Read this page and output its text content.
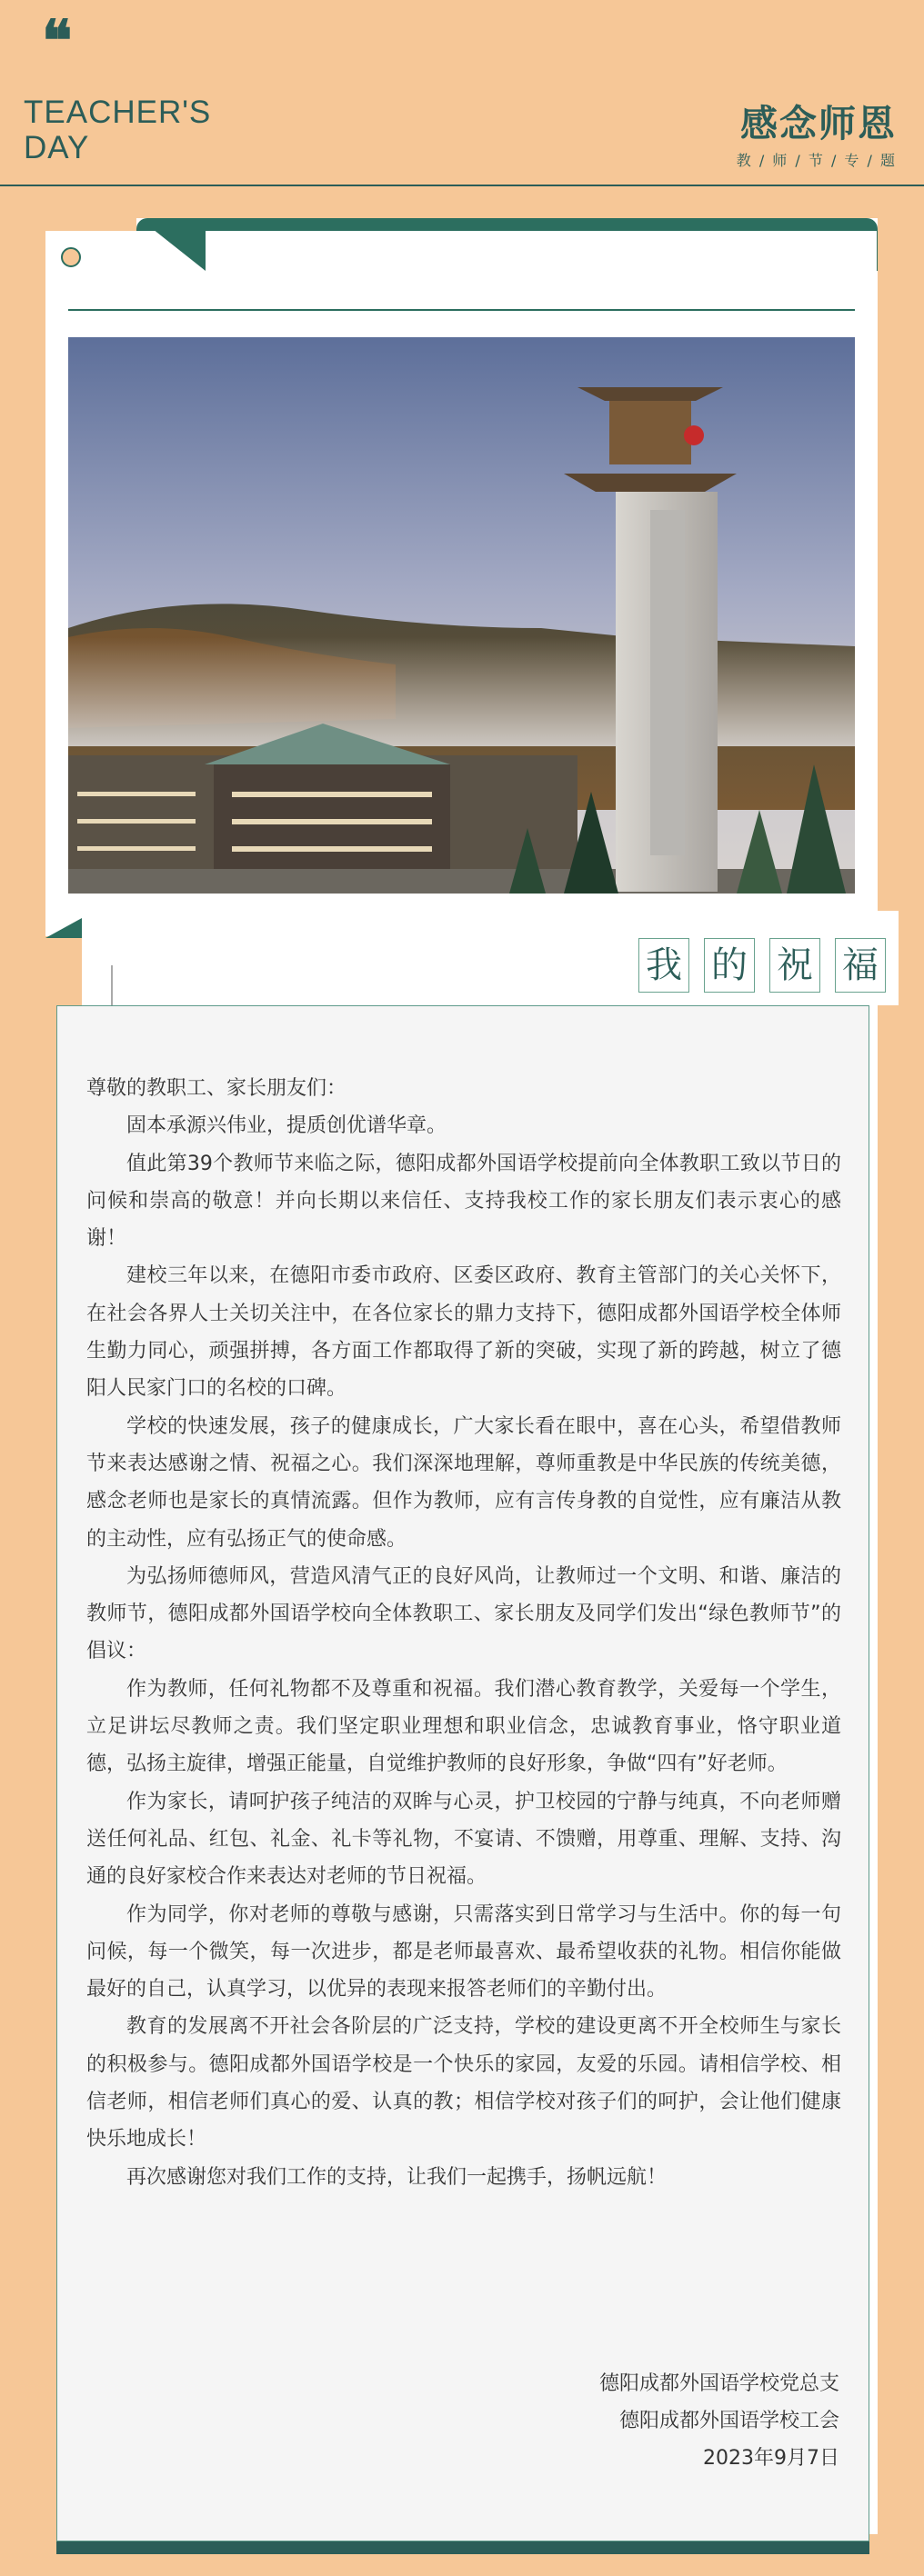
❝
TEACHER'S
DAY
感念师恩
教 / 师 / 节 / 专 / 题
我 的 祝 福

尊敬的教职工、家长朋友们：

固本承源兴伟业，提质创优谱华章。

值此第39个教师节来临之际，德阳成都外国语学校提前向全体教职工致以节日的问候和崇高的敬意！并向长期以来信任、支持我校工作的家长朋友们表示衷心的感谢！

建校三年以来，在德阳市委市政府、区委区政府、教育主管部门的关心关怀下，在社会各界人士关切关注中，在各位家长的鼎力支持下，德阳成都外国语学校全体师生勤力同心，顽强拼搏，各方面工作都取得了新的突破，实现了新的跨越，树立了德阳人民家门口的名校的口碑。

学校的快速发展，孩子的健康成长，广大家长看在眼中，喜在心头，希望借教师节来表达感谢之情、祝福之心。我们深深地理解，尊师重教是中华民族的传统美德，感念老师也是家长的真情流露。但作为教师，应有言传身教的自觉性，应有廉洁从教的主动性，应有弘扬正气的使命感。

为弘扬师德师风，营造风清气正的良好风尚，让教师过一个文明、和谐、廉洁的教师节，德阳成都外国语学校向全体教职工、家长朋友及同学们发出“绿色教师节”的倡议：

作为教师，任何礼物都不及尊重和祝福。我们潜心教育教学，关爱每一个学生，立足讲坛尽教师之责。我们坚定职业理想和职业信念，忠诚教育事业，恪守职业道德，弘扬主旋律，增强正能量，自觉维护教师的良好形象，争做“四有”好老师。

作为家长，请呵护孩子纯洁的双眸与心灵，护卫校园的宁静与纯真，不向老师赠送任何礼品、红包、礼金、礼卡等礼物，不宴请、不馈赠，用尊重、理解、支持、沟通的良好家校合作来表达对老师的节日祝福。

作为同学，你对老师的尊敬与感谢，只需落实到日常学习与生活中。你的每一句问候，每一个微笑，每一次进步，都是老师最喜欢、最希望收获的礼物。相信你能做最好的自己，认真学习，以优异的表现来报答老师们的辛勤付出。

教育的发展离不开社会各阶层的广泛支持，学校的建设更离不开全校师生与家长的积极参与。德阳成都外国语学校是一个快乐的家园，友爱的乐园。请相信学校、相信老师，相信老师们真心的爱、认真的教；相信学校对孩子们的呵护，会让他们健康快乐地成长！

再次感谢您对我们工作的支持，让我们一起携手，扬帆远航！

德阳成都外国语学校党总支
德阳成都外国语学校工会
2023年9月7日
